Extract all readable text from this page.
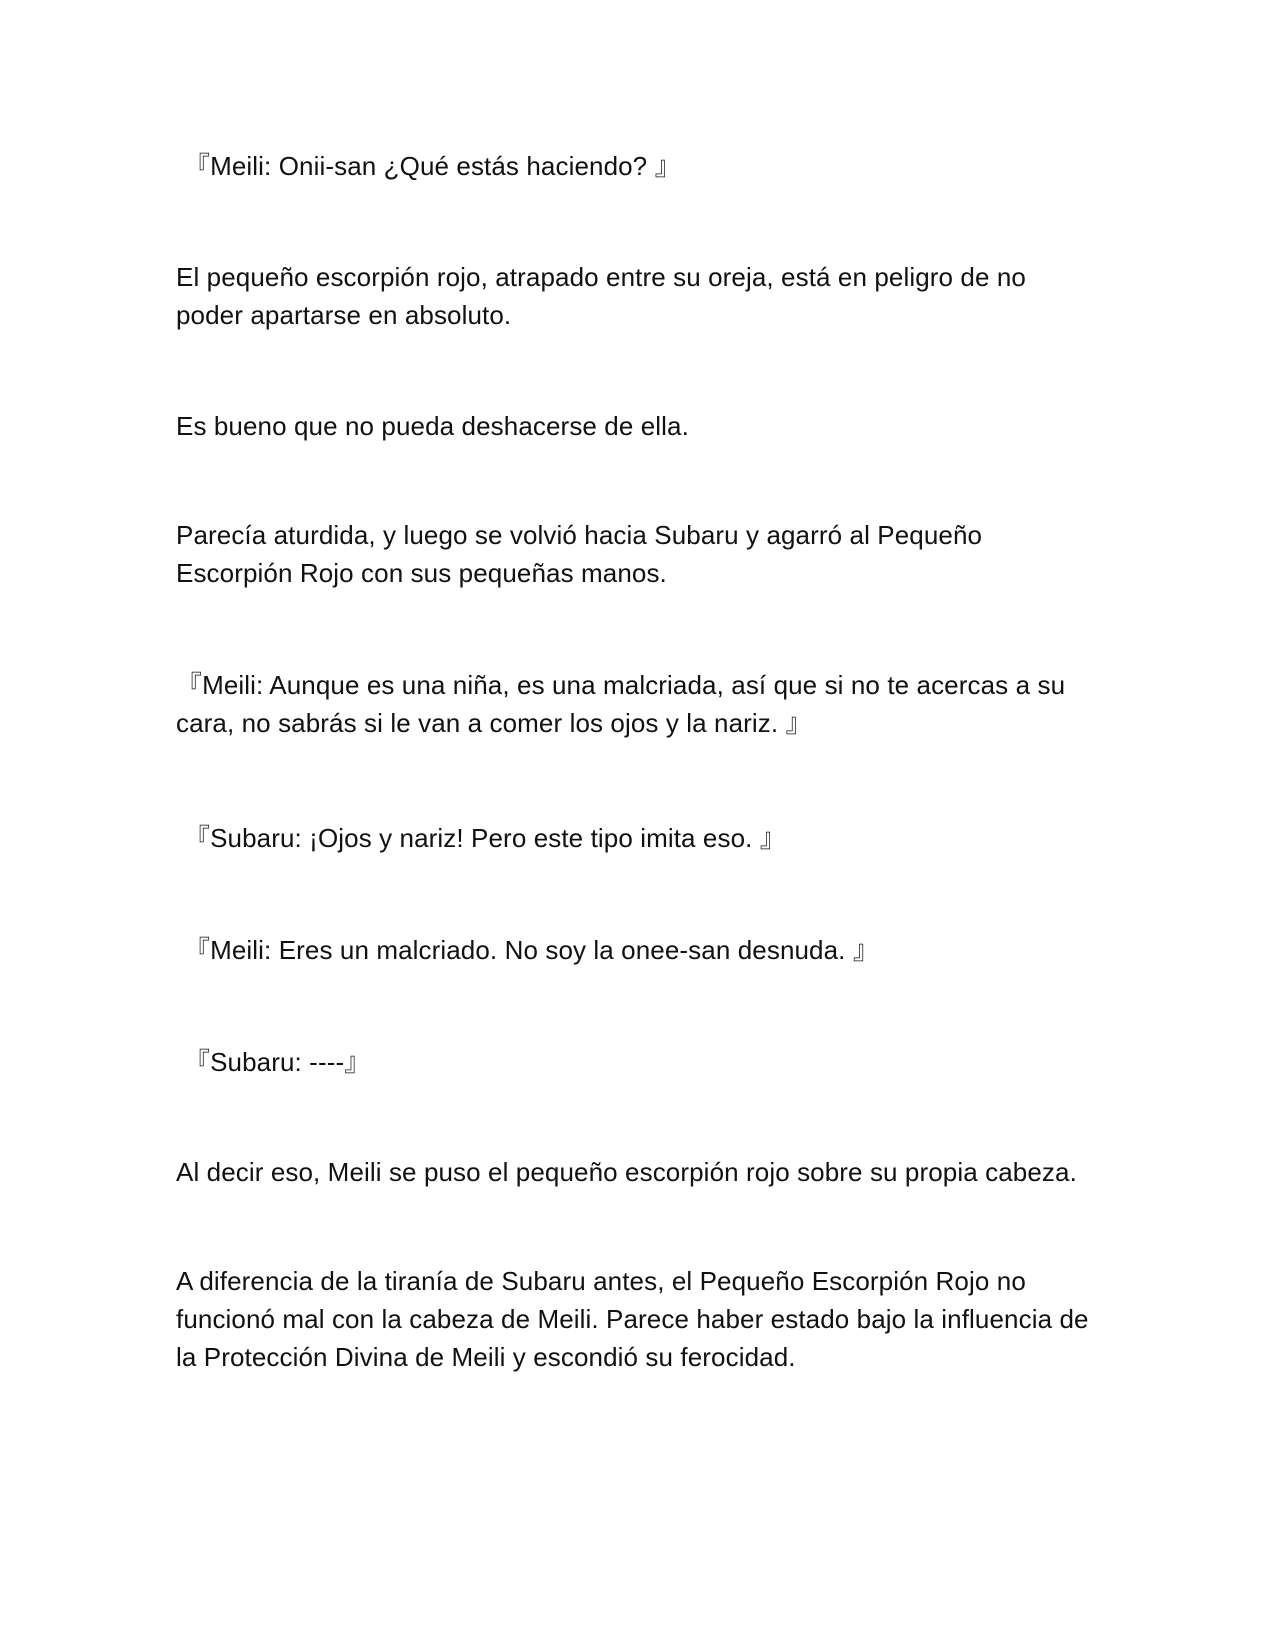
『Meili: Onii-san ¿Qué estás haciendo? 』

El pequeño escorpión rojo, atrapado entre su oreja, está en peligro de no poder apartarse en absoluto.

Es bueno que no pueda deshacerse de ella.

Parecía aturdida, y luego se volvió hacia Subaru y agarró al Pequeño Escorpión Rojo con sus pequeñas manos.

『Meili: Aunque es una niña, es una malcriada, así que si no te acercas a su cara, no sabrás si le van a comer los ojos y la nariz. 』

『Subaru: ¡Ojos y nariz! Pero este tipo imita eso. 』

『Meili: Eres un malcriado. No soy la onee-san desnuda. 』

『Subaru: ----』

Al decir eso, Meili se puso el pequeño escorpión rojo sobre su propia cabeza.

A diferencia de la tiranía de Subaru antes, el Pequeño Escorpión Rojo no funcionó mal con la cabeza de Meili. Parece haber estado bajo la influencia de la Protección Divina de Meili y escondió su ferocidad.
